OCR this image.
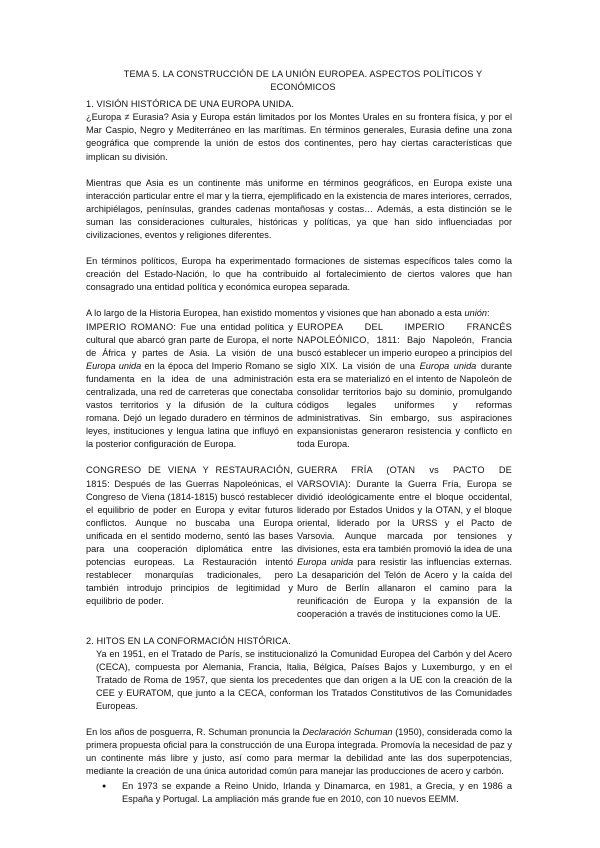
TEMA 5. LA CONSTRUCCIÓN DE LA UNIÓN EUROPEA. ASPECTOS POLÍTICOS Y ECONÓMICOS
1. VISIÓN HISTÓRICA DE UNA EUROPA UNIDA.

¿Europa ≠ Eurasia? Asia y Europa están limitados por los Montes Urales en su frontera física, y por el Mar Caspio, Negro y Mediterráneo en las marítimas. En términos generales, Eurasia define una zona geográfica que comprende la unión de estos dos continentes, pero hay ciertas características que implican su división.

Mientras que Asia es un continente más uniforme en términos geográficos, en Europa existe una interacción particular entre el mar y la tierra, ejemplificado en la existencia de mares interiores, cerrados, archipiélagos, penínsulas, grandes cadenas montañosas y costas… Además, a esta distinción se le suman las consideraciones culturales, históricas y políticas, ya que han sido influenciadas por civilizaciones, eventos y religiones diferentes.

En términos políticos, Europa ha experimentado formaciones de sistemas específicos tales como la creación del Estado-Nación, lo que ha contribuido al fortalecimiento de ciertos valores que han consagrado una entidad política y económica europea separada.

A lo largo de la Historia Europea, han existido momentos y visiones que han abonado a esta unión:

IMPERIO ROMANO: Fue una entidad política y cultural que abarcó gran parte de Europa, el norte de África y partes de Asia. La visión de una Europa unida en la época del Imperio Romano se fundamenta en la idea de una administración centralizada, una red de carreteras que conectaba vastos territorios y la difusión de la cultura romana. Dejó un legado duradero en términos de leyes, instituciones y lengua latina que influyó en la posterior configuración de Europa.
EUROPEA DEL IMPERIO FRANCÉS NAPOLEÓNICO, 1811: Bajo Napoleón, Francia buscó establecer un imperio europeo a principios del siglo XIX. La visión de una Europa unida durante esta era se materializó en el intento de Napoleón de consolidar territorios bajo su dominio, promulgando códigos legales uniformes y reformas administrativas. Sin embargo, sus aspiraciones expansionistas generaron resistencia y conflicto en toda Europa.
CONGRESO DE VIENA Y RESTAURACIÓN, 1815: Después de las Guerras Napoleónicas, el Congreso de Viena (1814-1815) buscó restablecer el equilibrio de poder en Europa y evitar futuros conflictos. Aunque no buscaba una Europa unificada en el sentido moderno, sentó las bases para una cooperación diplomática entre las potencias europeas. La Restauración intentó restablecer monarquías tradicionales, pero también introdujo principios de legitimidad y equilibrio de poder.
GUERRA FRÍA (OTAN vs PACTO DE VARSOVIA): Durante la Guerra Fría, Europa se dividió ideológicamente entre el bloque occidental, liderado por Estados Unidos y la OTAN, y el bloque oriental, liderado por la URSS y el Pacto de Varsovia. Aunque marcada por tensiones y divisiones, esta era también promovió la idea de una Europa unida para resistir las influencias externas. La desaparición del Telón de Acero y la caída del Muro de Berlín allanaron el camino para la reunificación de Europa y la expansión de la cooperación a través de instituciones como la UE.
2. HITOS EN LA CONFORMACIÓN HISTÓRICA.

Ya en 1951, en el Tratado de París, se institucionalizó la Comunidad Europea del Carbón y del Acero (CECA), compuesta por Alemania, Francia, Italia, Bélgica, Países Bajos y Luxemburgo, y en el Tratado de Roma de 1957, que sienta los precedentes que dan origen a la UE con la creación de la CEE y EURATOM, que junto a la CECA, conforman los Tratados Constitutivos de las Comunidades Europeas.

En los años de posguerra, R. Schuman pronuncia la Declaración Schuman (1950), considerada como la primera propuesta oficial para la construcción de una Europa integrada. Promovía la necesidad de paz y un continente más libre y justo, así como para mermar la debilidad ante las dos superpotencias, mediante la creación de una única autoridad común para manejar las producciones de acero y carbón.

●	En 1973 se expande a Reino Unido, Irlanda y Dinamarca, en 1981, a Grecia, y en 1986 a España y Portugal. La ampliación más grande fue en 2010, con 10 nuevos EEMM.
